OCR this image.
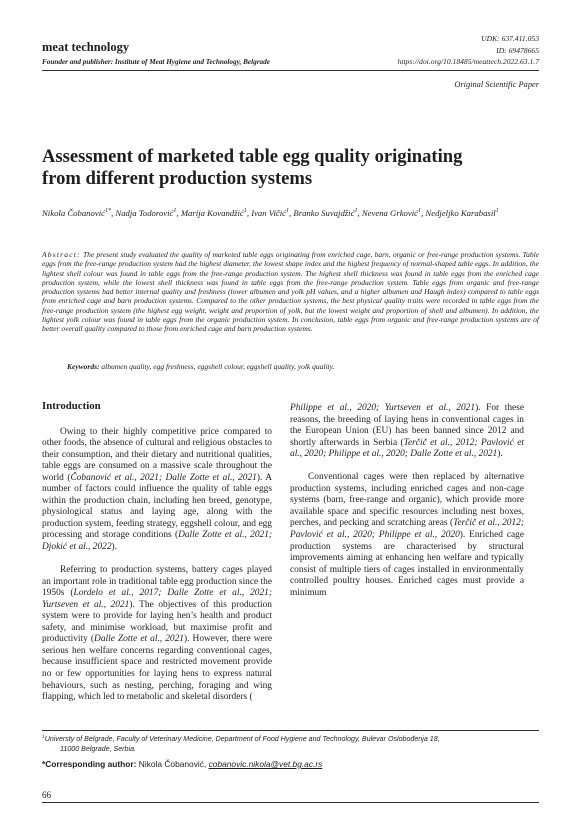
meat technology
Founder and publisher: Institute of Meat Hygiene and Technology, Belgrade
UDK: 637.411.053
ID: 69478665
https://doi.org/10.18485/meattech.2022.63.1.7
Original Scientific Paper
Assessment of marketed table egg quality originating
from different production systems
Nikola Čobanović$^{1*}$, Nadja Todorović$^1$, Marija Kovandžić$^1$, Ivan Vičić$^1$, Branko Suvajdžić$^1$, Nevena Grković$^1$, Nedjeljko Karabasil$^1$
Abstract: The present study evaluated the quality of marketed table eggs originating from enriched cage, barn, organic or free-range production systems. Table eggs from the free-range production system had the highest diameter, the lowest shape index and the highest frequency of normal-shaped table eggs. In addition, the lightest shell colour was found in table eggs from the free-range production system. The highest shell thickness was found in table eggs from the enriched cage production system, while the lowest shell thickness was found in table eggs from the free-range production system. Table eggs from organic and free-range production systems had better internal quality and freshness (lower albumen and yolk pH values, and a higher albumen and Haugh index) compared to table eggs from enriched cage and barn production systems. Compared to the other production systems, the best physical quality traits were recorded in table eggs from the free-range production system (the highest egg weight, weight and proportion of yolk, but the lowest weight and proportion of shell and albumen). In addition, the lightest yolk colour was found in table eggs from the organic production system. In conclusion, table eggs from organic and free-range production systems are of better overall quality compared to those from enriched cage and barn production systems.
Keywords: albumen quality, egg freshness, eggshell colour, eggshell quality, yolk quality.
Introduction

Owing to their highly competitive price compared to other foods, the absence of cultural and religious obstacles to their consumption, and their dietary and nutritional qualities, table eggs are consumed on a massive scale throughout the world (Čobanović et al., 2021; Dalle Zotte et al., 2021). A number of factors could influence the quality of table eggs within the production chain, including hen breed, genotype, physiological status and laying age, along with the production system, feeding strategy, eggshell colour, and egg processing and storage conditions (Dalle Zotte et al., 2021; Djokić et al., 2022).

Referring to production systems, battery cages played an important role in traditional table egg production since the 1950s (Lordelo et al., 2017; Dalle Zotte et al., 2021; Yurtseven et al., 2021). The objectives of this production system were to provide for laying hen’s health and product safety, and minimise workload, but maximise profit and productivity (Dalle Zotte et al., 2021). However, there were serious hen welfare concerns regarding conventional cages, because insufficient space and restricted movement provide no or few opportunities for laying hens to express natural behaviours, such as nesting, perching, foraging and wing flapping, which led to metabolic and skeletal disorders (

Philippe et al., 2020; Yurtseven et al., 2021). For these reasons, the breeding of laying hens in conventional cages in the European Union (EU) has been banned since 2012 and shortly afterwards in Serbia (Terčič et al., 2012; Pavlović et al., 2020; Philippe et al., 2020; Dalle Zotte et al., 2021).

Conventional cages were then replaced by alternative production systems, including enriched cages and non-cage systems (barn, free-range and organic), which provide more available space and specific resources including nest boxes, perches, and pecking and scratching areas (Terčič et al., 2012; Pavlović et al., 2020; Philippe et al., 2020). Enriched cage production systems are characterised by structural improvements aiming at enhancing hen welfare and typically consist of multiple tiers of cages installed in environmentally controlled poultry houses. Enriched cages must provide a minimum

$^1$Universty of Belgrade, Faculty of Veterinary Medicine, Department of Food Hygiene and Technology, Bulevar Oslobođenja 18,
11000 Belgrade, Serbia.
*Corresponding author: Nikola Čobanović, cobanovic.nikola@vet.bg.ac.rs
66
